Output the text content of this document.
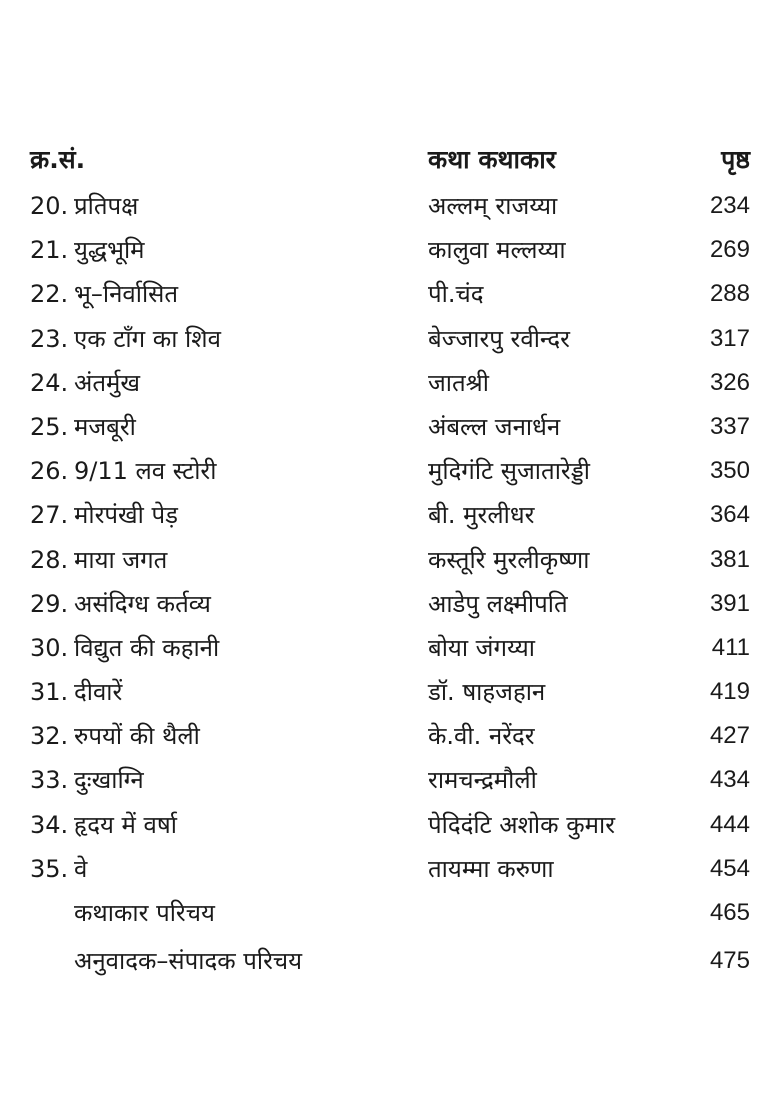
क्र.सं.	कथा कथाकार	पृष्ठ
20. प्रतिपक्ष	अल्लम् राजय्या	234
21. युद्धभूमि	कालुवा मल्लय्या	269
22. भू–निर्वासित	पी.चंद	288
23. एक टाँग का शिव	बेज्जारपु रवीन्दर	317
24. अंतर्मुख	जातश्री	326
25. मजबूरी	अंबल्ल जनार्धन	337
26. 9/11 लव स्टोरी	मुदिगंटि सुजातारेड्डी	350
27. मोरपंखी पेड़	बी. मुरलीधर	364
28. माया जगत	कस्तूरि मुरलीकृष्णा	381
29. असंदिग्ध कर्तव्य	आडेपु लक्ष्मीपति	391
30. विद्युत की कहानी	बोया जंगय्या	411
31. दीवारें	डॉ. षाहजहान	419
32. रुपयों की थैली	के.वी. नरेंदर	427
33. दुःखाग्नि	रामचन्द्रमौली	434
34. हृदय में वर्षा	पेदिदंटि अशोक कुमार	444
35. वे	तायम्मा करुणा	454
कथाकार परिचय	465
अनुवादक–संपादक परिचय	475
